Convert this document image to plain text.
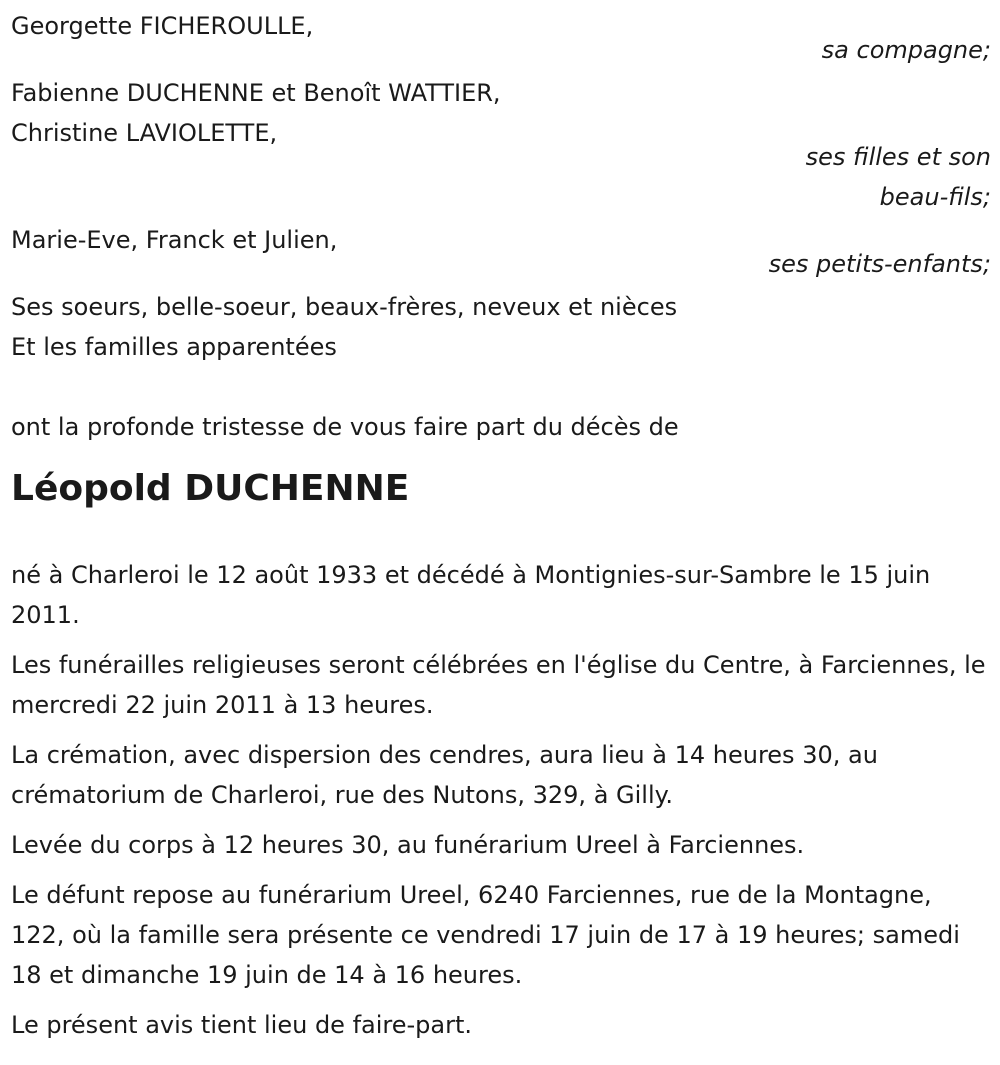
Georgette FICHEROULLE,
sa compagne;
Fabienne DUCHENNE et Benoît WATTIER,
Christine LAVIOLETTE,
ses filles et son
beau-fils;
Marie-Eve, Franck et Julien,
ses petits-enfants;
Ses soeurs, belle-soeur, beaux-frères, neveux et nièces
Et les familles apparentées
ont la profonde tristesse de vous faire part du décès de
Léopold DUCHENNE
né à Charleroi le 12 août 1933 et décédé à Montignies-sur-Sambre le 15 juin 2011.
Les funérailles religieuses seront célébrées en l'église du Centre, à Farciennes, le mercredi 22 juin 2011 à 13 heures.
La crémation, avec dispersion des cendres, aura lieu à 14 heures 30, au crématorium de Charleroi, rue des Nutons, 329, à Gilly.
Levée du corps à 12 heures 30, au funérarium Ureel à Farciennes.
Le défunt repose au funérarium Ureel, 6240 Farciennes, rue de la Montagne, 122, où la famille sera présente ce vendredi 17 juin de 17 à 19 heures; samedi 18 et dimanche 19 juin de 14 à 16 heures.
Le présent avis tient lieu de faire-part.
